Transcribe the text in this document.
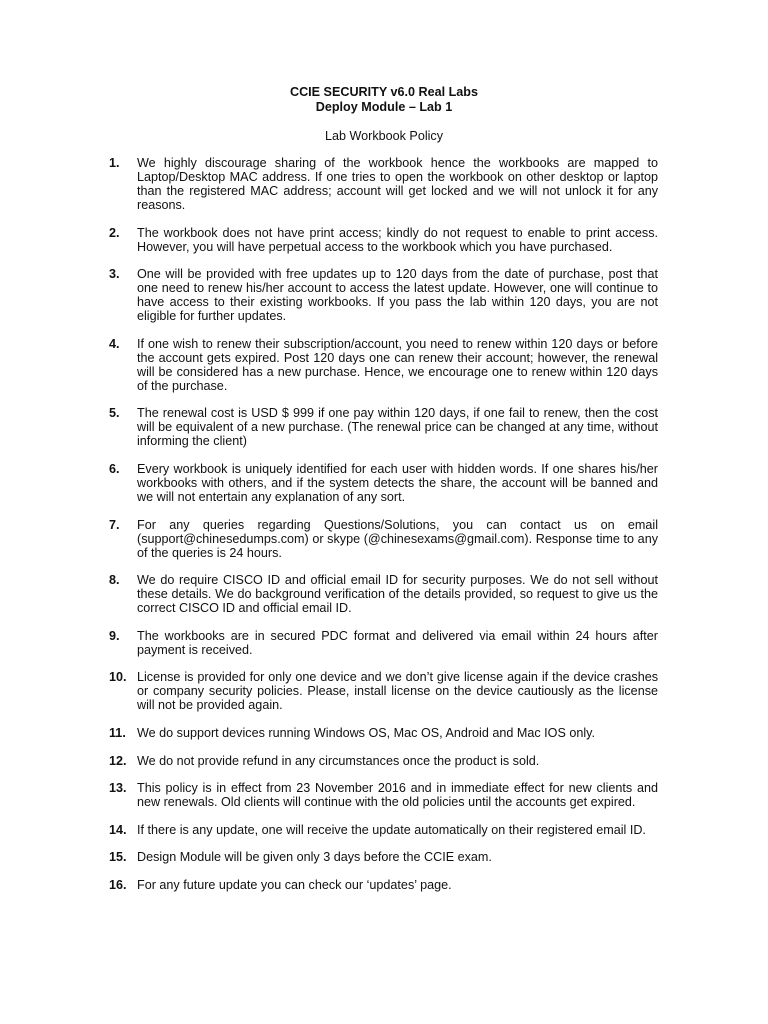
CCIE SECURITY v6.0 Real Labs
Deploy Module – Lab 1
Lab Workbook Policy
1. We highly discourage sharing of the workbook hence the workbooks are mapped to Laptop/Desktop MAC address. If one tries to open the workbook on other desktop or laptop than the registered MAC address; account will get locked and we will not unlock it for any reasons.
2. The workbook does not have print access; kindly do not request to enable to print access. However, you will have perpetual access to the workbook which you have purchased.
3. One will be provided with free updates up to 120 days from the date of purchase, post that one need to renew his/her account to access the latest update. However, one will continue to have access to their existing workbooks. If you pass the lab within 120 days, you are not eligible for further updates.
4. If one wish to renew their subscription/account, you need to renew within 120 days or before the account gets expired. Post 120 days one can renew their account; however, the renewal will be considered has a new purchase. Hence, we encourage one to renew within 120 days of the purchase.
5. The renewal cost is USD $ 999 if one pay within 120 days, if one fail to renew, then the cost will be equivalent of a new purchase. (The renewal price can be changed at any time, without informing the client)
6. Every workbook is uniquely identified for each user with hidden words. If one shares his/her workbooks with others, and if the system detects the share, the account will be banned and we will not entertain any explanation of any sort.
7. For any queries regarding Questions/Solutions, you can contact us on email (support@chinesedumps.com) or skype (@chinesexams@gmail.com). Response time to any of the queries is 24 hours.
8. We do require CISCO ID and official email ID for security purposes. We do not sell without these details. We do background verification of the details provided, so request to give us the correct CISCO ID and official email ID.
9. The workbooks are in secured PDC format and delivered via email within 24 hours after payment is received.
10. License is provided for only one device and we don’t give license again if the device crashes or company security policies. Please, install license on the device cautiously as the license will not be provided again.
11. We do support devices running Windows OS, Mac OS, Android and Mac IOS only.
12. We do not provide refund in any circumstances once the product is sold.
13. This policy is in effect from 23 November 2016 and in immediate effect for new clients and new renewals. Old clients will continue with the old policies until the accounts get expired.
14. If there is any update, one will receive the update automatically on their registered email ID.
15. Design Module will be given only 3 days before the CCIE exam.
16. For any future update you can check our ‘updates’ page.
